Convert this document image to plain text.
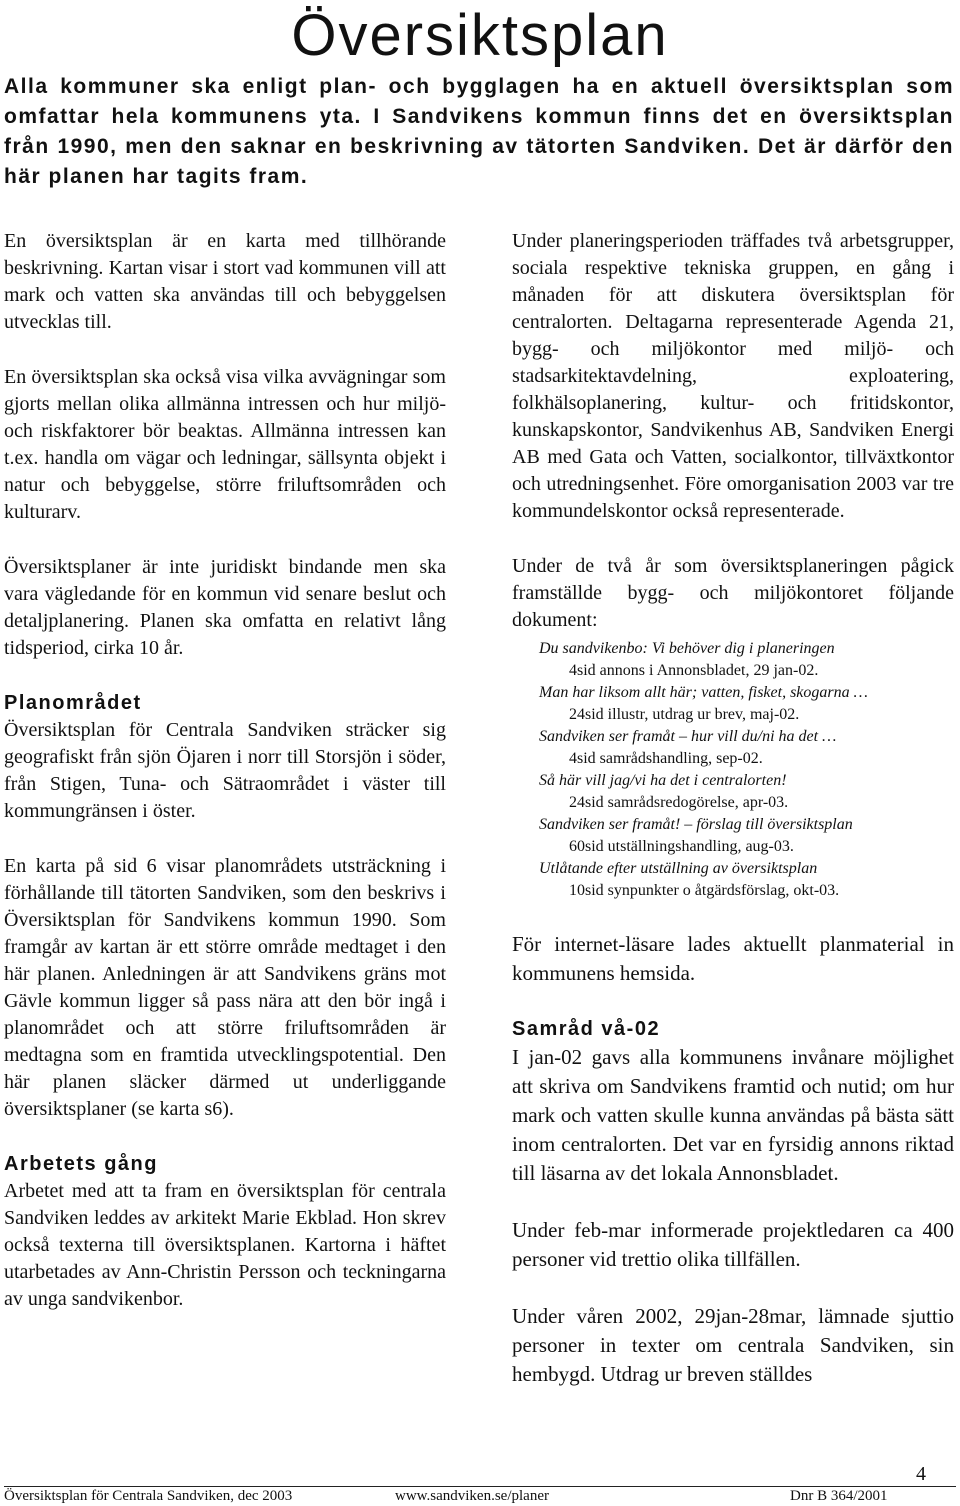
Översiktsplan

Alla kommuner ska enligt plan- och bygglagen ha en aktuell översiktsplan som omfattar hela kommunens yta. I Sandvikens kommun finns det en översiktsplan från 1990, men den saknar en beskrivning av tätorten Sandviken. Det är därför den här planen har tagits fram.

En översiktsplan är en karta med tillhörande beskrivning. Kartan visar i stort vad kommunen vill att mark och vatten ska användas till och bebyggelsen utvecklas till.

En översiktsplan ska också visa vilka avvägningar som gjorts mellan olika allmänna intressen och hur miljö- och riskfaktorer bör beaktas. Allmänna intressen kan t.ex. handla om vägar och ledningar, sällsynta objekt i natur och bebyggelse, större friluftsområden och kulturarv.

Översiktsplaner är inte juridiskt bindande men ska vara vägledande för en kommun vid senare beslut och detaljplanering. Planen ska omfatta en relativt lång tidsperiod, cirka 10 år.

Planområdet

Översiktsplan för Centrala Sandviken sträcker sig geografiskt från sjön Öjaren i norr till Storsjön i söder, från Stigen, Tuna- och Sätraområdet i väster till kommungränsen i öster.

En karta på sid 6 visar planområdets utsträckning i förhållande till tätorten Sandviken, som den beskrivs i Översiktsplan för Sandvikens kommun 1990. Som framgår av kartan är ett större område medtaget i den här planen. Anledningen är att Sandvikens gräns mot Gävle kommun ligger så pass nära att den bör ingå i planområdet och att större friluftsområden är medtagna som en framtida utvecklingspotential. Den här planen släcker därmed ut underliggande översiktsplaner (se karta s6).

Arbetets gång

Arbetet med att ta fram en översiktsplan för centrala Sandviken leddes av arkitekt Marie Ekblad. Hon skrev också texterna till översiktsplanen. Kartorna i häftet utarbetades av Ann-Christin Persson och teckningarna av unga sandvikenbor.

Under planeringsperioden träffades två arbetsgrupper, sociala respektive tekniska gruppen, en gång i månaden för att diskutera översiktsplan för centralorten. Deltagarna representerade Agenda 21, bygg- och miljökontor med miljö- och stadsarkitektavdelning, exploatering, folkhälsoplanering, kultur- och fritidskontor, kunskapskontor, Sandvikenhus AB, Sandviken Energi AB med Gata och Vatten, socialkontor, tillväxtkontor och utredningsenhet. Före omorganisation 2003 var tre kommundelskontor också representerade.

Under de två år som översiktsplaneringen pågick framställde bygg- och miljökontoret följande dokument:

Du sandvikenbo: Vi behöver dig i planeringen
4sid annons i Annonsbladet, 29 jan-02.
Man har liksom allt här; vatten, fisket, skogarna …
24sid illustr, utdrag ur brev, maj-02.
Sandviken ser framåt – hur vill du/ni ha det …
4sid samrådshandling, sep-02.
Så här vill jag/vi ha det i centralorten!
24sid samrådsredogörelse, apr-03.
Sandviken ser framåt! – förslag till översiktsplan
60sid utställningshandling, aug-03.
Utlåtande efter utställning av översiktsplan
10sid synpunkter o åtgärdsförslag, okt-03.

För internet-läsare lades aktuellt planmaterial in kommunens hemsida.

Samråd vå-02

I jan-02 gavs alla kommunens invånare möjlighet att skriva om Sandvikens framtid och nutid; om hur mark och vatten skulle kunna användas på bästa sätt inom centralorten. Det var en fyrsidig annons riktad till läsarna av det lokala Annonsbladet.

Under feb-mar informerade projektledaren ca 400 personer vid trettio olika tillfällen.

Under våren 2002, 29jan-28mar, lämnade sjuttio personer in texter om centrala Sandviken, sin hembygd. Utdrag ur breven ställdes

4
Översiktsplan för Centrala Sandviken, dec 2003	www.sandviken.se/planer	Dnr B 364/2001
